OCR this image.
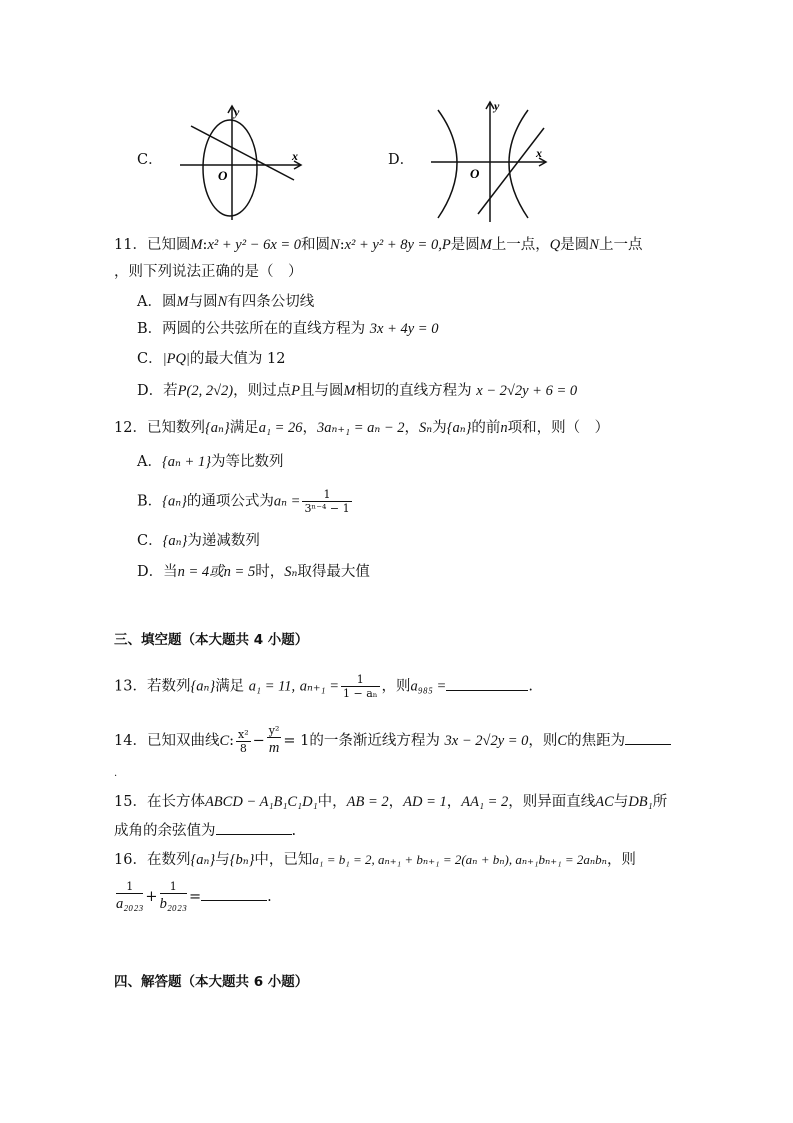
C．
y
x
O
D．
y
x
O
11．已知圆M:x² + y² − 6x = 0和圆N:x² + y² + 8y = 0,P是圆M上一点，Q是圆N上一点
，则下列说法正确的是（　）
A．圆M与圆N有四条公切线
B．两圆的公共弦所在的直线方程为 3x + 4y = 0
C．|PQ|的最大值为 12
D．若P(2, 2√2)，则过点P且与圆M相切的直线方程为 x − 2√2y + 6 = 0
12．已知数列{aₙ}满足a₁ = 26，3aₙ₊₁ = aₙ − 2，Sₙ为{aₙ}的前n项和，则（　）
A．{aₙ + 1}为等比数列
B．{aₙ}的通项公式为$a_n = \frac{1}{\text{3ⁿ⁻⁴ − 1}}$
C．{aₙ}为递减数列
D．当n = 4或n = 5时，Sₙ取得最大值
三、填空题（本大题共 4 小题）
13．若数列{aₙ}满足 a₁ = 11, $a_{n+1} = \frac{1}{\text{1 − aₙ}}$ ，则a₉₈₅ =	.
14．已知双曲线C: $\frac{\text{x²}}{8} - \frac{\text{y²}}{m} = 1$的一条渐近线方程为 3x − 2√2y = 0，则C的焦距为
.
15．在长方体ABCD − A₁B₁C₁D₁中，AB = 2，AD = 1，AA₁ = 2，则异面直线AC与DB₁所
成角的余弦值为	.
16．在数列{aₙ}与{bₙ}中，已知a₁ = b₁ = 2, aₙ₊₁ + bₙ₊₁ = 2(aₙ + bₙ), aₙ₊₁bₙ₊₁ = 2aₙbₙ，则
$\frac{1}{\text{a₂₀₂₃}} + \frac{1}{\text{b₂₀₂₃}}$ =	.
四、解答题（本大题共 6 小题）
